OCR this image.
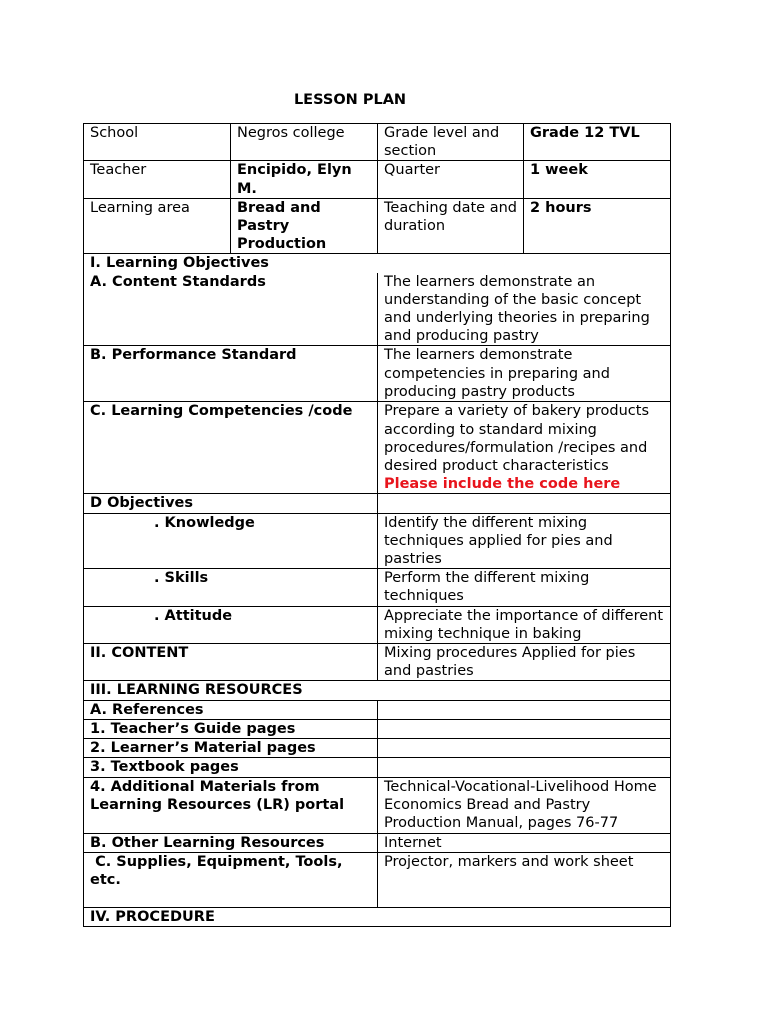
LESSON PLAN
School	Negros college	Grade level and section	Grade 12 TVL
Teacher	Encipido, Elyn M.	Quarter	1 week
Learning area	Bread and Pastry Production	Teaching date and duration	2 hours
I. Learning Objectives			
A. Content Standards		The learners demonstrate an understanding of the basic concept and underlying theories in preparing and producing pastry	
B. Performance Standard		The learners demonstrate competencies in preparing and producing pastry products	
C. Learning Competencies /code		Prepare a variety of bakery products according to standard mixing procedures/formulation /recipes and desired product characteristics
Please include the code here	
D Objectives			
. Knowledge		Identify the different mixing techniques applied for pies and pastries	
. Skills		Perform the different mixing techniques	
. Attitude		Appreciate the importance of different mixing technique in baking	
II. CONTENT		Mixing procedures Applied for pies and pastries	
III. LEARNING RESOURCES			
A. References			
1. Teacher’s Guide pages			
2. Learner’s Material pages			
3. Textbook pages			
4. Additional Materials from Learning Resources (LR) portal		Technical-Vocational-Livelihood Home Economics Bread and Pastry Production Manual, pages 76-77	
B. Other Learning Resources		Internet	
C. Supplies, Equipment, Tools, etc.		Projector, markers and work sheet	
IV. PROCEDURE			
